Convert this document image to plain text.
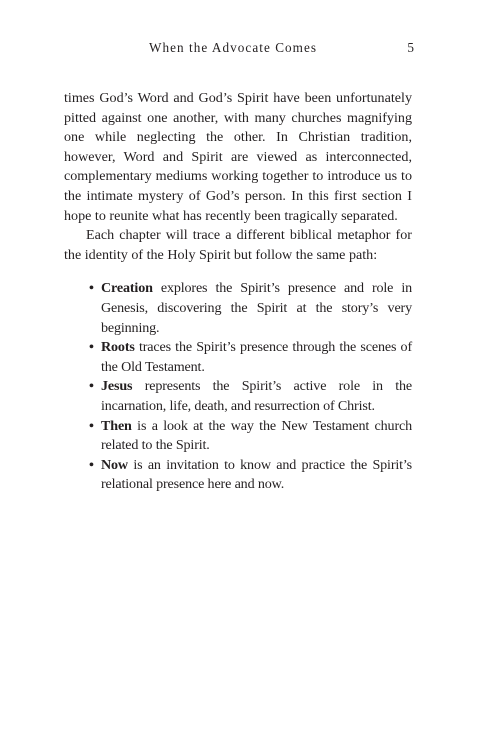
When the Advocate Comes	5

times God’s Word and God’s Spirit have been unfortunately pitted against one another, with many churches magnifying one while neglecting the other. In Christian tradition, however, Word and Spirit are viewed as interconnected, complementary mediums working together to introduce us to the intimate mystery of God’s person. In this first section I hope to reunite what has recently been tragically separated.

Each chapter will trace a different biblical metaphor for the identity of the Holy Spirit but follow the same path:

• Creation explores the Spirit’s presence and role in Genesis, discovering the Spirit at the story’s very beginning.
• Roots traces the Spirit’s presence through the scenes of the Old Testament.
• Jesus represents the Spirit’s active role in the incarnation, life, death, and resurrection of Christ.
• Then is a look at the way the New Testament church related to the Spirit.
• Now is an invitation to know and practice the Spirit’s relational presence here and now.
